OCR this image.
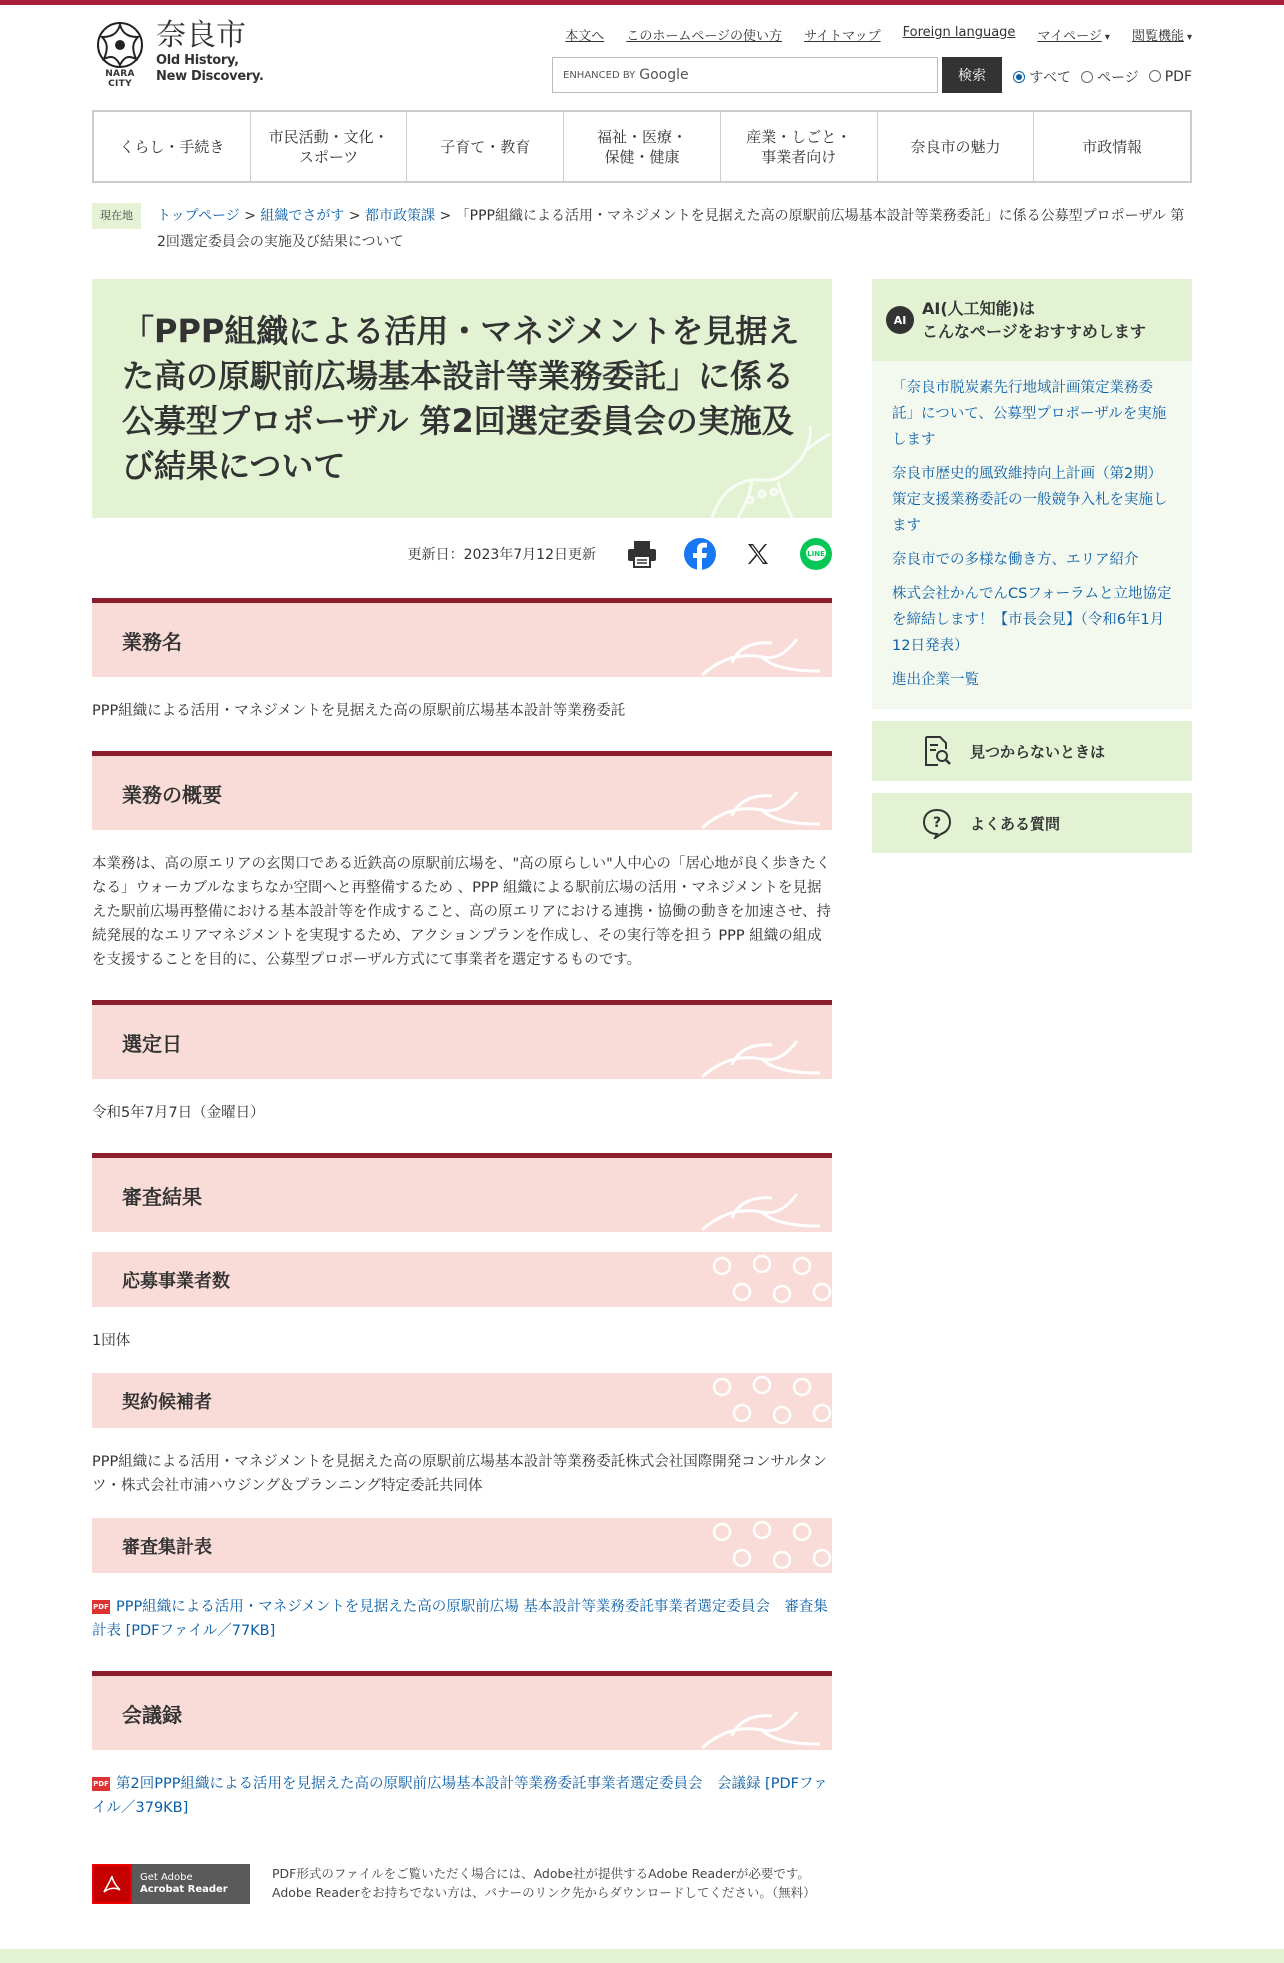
NARA CITY
奈良市
Old History,
New Discovery.
本文へ このホームページの使い方 サイトマップ Foreign language マイページ ▾	閲覧機能 ▾
ENHANCED BY Google	検索	すべて	ページ	PDF
くらし・手続き
市民活動・文化・
スポーツ
子育て・教育
福祉・医療・
保健・健康
産業・しごと・
事業者向け
奈良市の魅力	市政情報
現在地	トップページ > 組織でさがす > 都市政策課 > 「PPP組織による活用・マネジメントを見据えた高の原駅前広場基本設計等業務委託」に係る公募型プロポーザル 第2回選定委員会の実施及び結果について
「PPP組織による活用・マネジメントを見据えた高の原駅前広場基本設計等業務委託」に係る公募型プロポーザル 第2回選定委員会の実施及び結果について
更新日：2023年7月12日更新	LINE
業務名

PPP組織による活用・マネジメントを見据えた高の原駅前広場基本設計等業務委託

業務の概要

本業務は、高の原エリアの玄関口である近鉄高の原駅前広場を、"高の原らしい"人中心の「居心地が良く歩きたくなる」ウォーカブルなまちなか空間へと再整備するため 、PPP 組織による駅前広場の活用・マネジメントを見据えた駅前広場再整備における基本設計等を作成すること、高の原エリアにおける連携・協働の動きを加速させ、持続発展的なエリアマネジメントを実現するため、アクションプランを作成し、その実行等を担う PPP 組織の組成を支援することを目的に、公募型プロポーザル方式にて事業者を選定するものです。

選定日

令和5年7月7日（金曜日）

審査結果
応募事業者数

1団体

契約候補者

PPP組織による活用・マネジメントを見据えた高の原駅前広場基本設計等業務委託株式会社国際開発コンサルタンツ・株式会社市浦ハウジング＆プランニング特定委託共同体

審査集計表
PDF PPP組織による活用・マネジメントを見据えた高の原駅前広場 基本設計等業務委託事業者選定委員会　審査集計表 [PDFファイル／77KB]
会議録
PDF 第2回PPP組織による活用を見据えた高の原駅前広場基本設計等業務委託事業者選定委員会　会議録 [PDFファイル／379KB]
Get Adobe
Acrobat Reader
PDF形式のファイルをご覧いただく場合には、Adobe社が提供するAdobe Readerが必要です。Adobe Readerをお持ちでない方は、バナーのリンク先からダウンロードしてください。（無料）
AI
AI(人工知能)は
こんなページをおすすめします
「奈良市脱炭素先行地域計画策定業務委託」について、公募型プロポーザルを実施します
奈良市歴史的風致維持向上計画（第2期）策定支援業務委託の一般競争入札を実施します
奈良市での多様な働き方、エリア紹介
株式会社かんでんCSフォーラムと立地協定を締結します！【市長会見】（令和6年1月12日発表）
進出企業一覧
見つからないときは
? よくある質問
